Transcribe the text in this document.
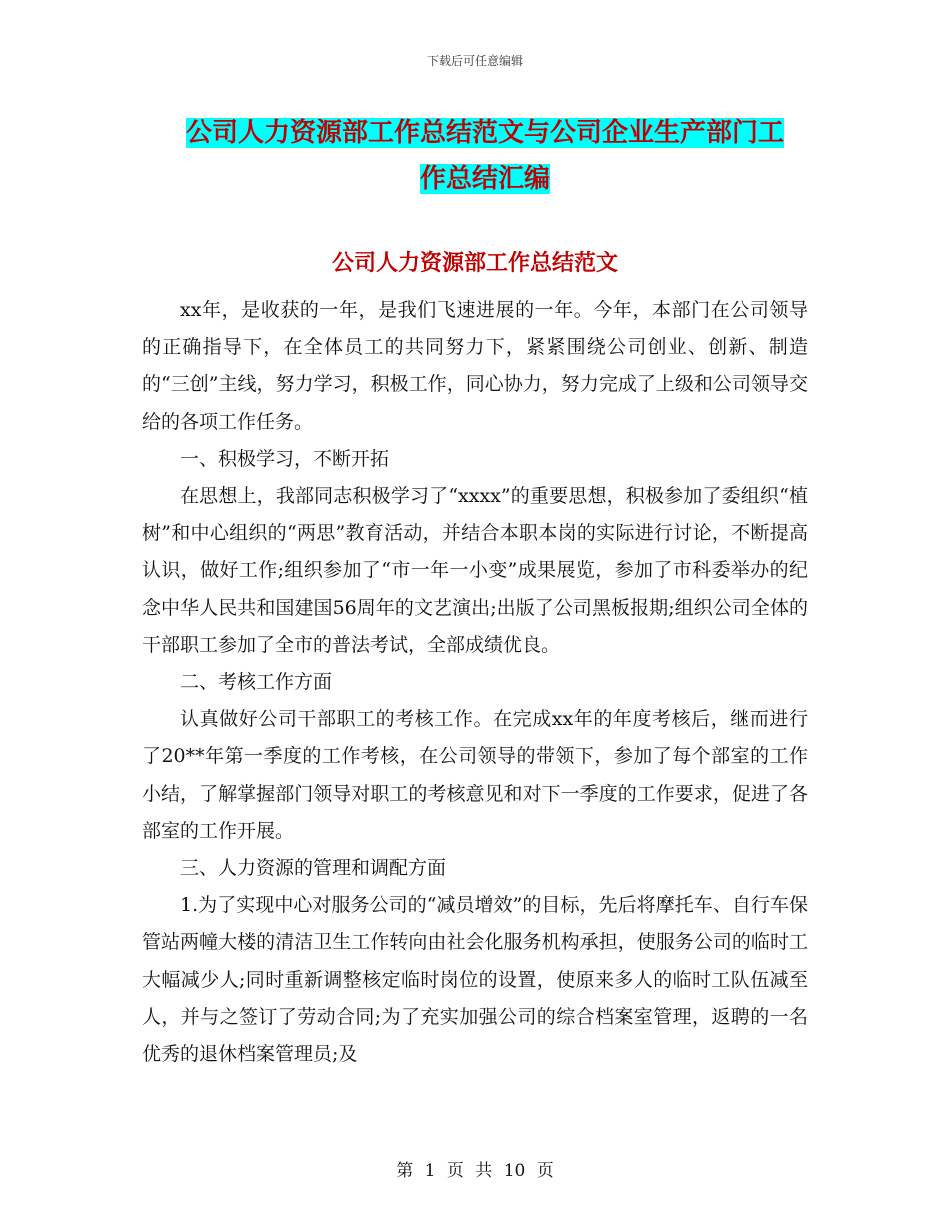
下载后可任意编辑
公司人力资源部工作总结范文与公司企业生产部门工
作总结汇编
公司人力资源部工作总结范文

xx年，是收获的一年，是我们飞速进展的一年。今年，本部门在公司领导的正确指导下，在全体员工的共同努力下，紧紧围绕公司创业、创新、制造的“三创”主线，努力学习，积极工作，同心协力，努力完成了上级和公司领导交给的各项工作任务。

一、积极学习，不断开拓

在思想上，我部同志积极学习了“xxxx”的重要思想，积极参加了委组织“植树”和中心组织的“两思”教育活动，并结合本职本岗的实际进行讨论，不断提高认识，做好工作;组织参加了“市一年一小变”成果展览，参加了市科委举办的纪念中华人民共和国建国56周年的文艺演出;出版了公司黑板报期;组织公司全体的干部职工参加了全市的普法考试，全部成绩优良。

二、考核工作方面

认真做好公司干部职工的考核工作。在完成xx年的年度考核后，继而进行了20**年第一季度的工作考核，在公司领导的带领下，参加了每个部室的工作小结，了解掌握部门领导对职工的考核意见和对下一季度的工作要求，促进了各部室的工作开展。

三、人力资源的管理和调配方面

1.为了实现中心对服务公司的“减员增效”的目标，先后将摩托车、自行车保管站两幢大楼的清洁卫生工作转向由社会化服务机构承担，使服务公司的临时工大幅减少人;同时重新调整核定临时岗位的设置，使原来多人的临时工队伍减至人，并与之签订了劳动合同;为了充实加强公司的综合档案室管理，返聘的一名优秀的退休档案管理员;及

第 1 页 共 10 页
